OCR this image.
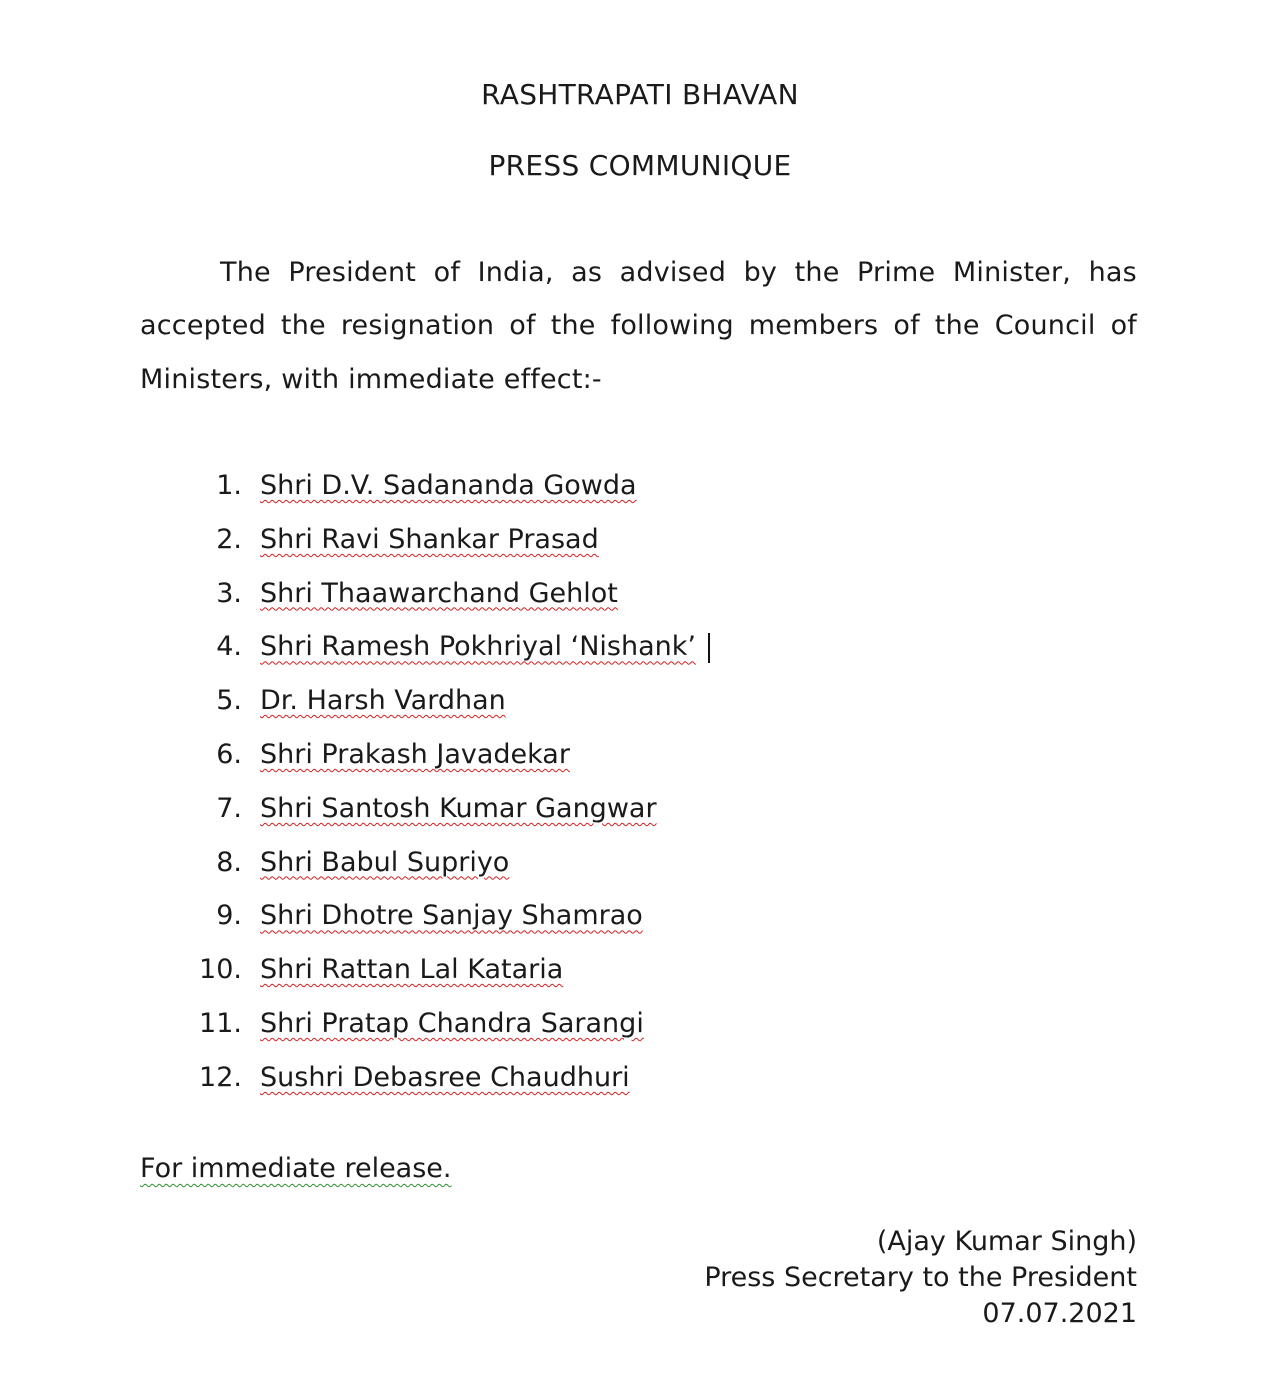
RASHTRAPATI BHAVAN
PRESS COMMUNIQUE
The President of India, as advised by the Prime Minister, has
accepted the resignation of the following members of the Council of
Ministers, with immediate effect:-
1. Shri D.V. Sadananda Gowda
2. Shri Ravi Shankar Prasad
3. Shri Thaawarchand Gehlot
4. Shri Ramesh Pokhriyal ‘Nishank’
5. Dr. Harsh Vardhan
6. Shri Prakash Javadekar
7. Shri Santosh Kumar Gangwar
8. Shri Babul Supriyo
9. Shri Dhotre Sanjay Shamrao
10. Shri Rattan Lal Kataria
11. Shri Pratap Chandra Sarangi
12. Sushri Debasree Chaudhuri
For immediate release.
(Ajay Kumar Singh)
Press Secretary to the President
07.07.2021
